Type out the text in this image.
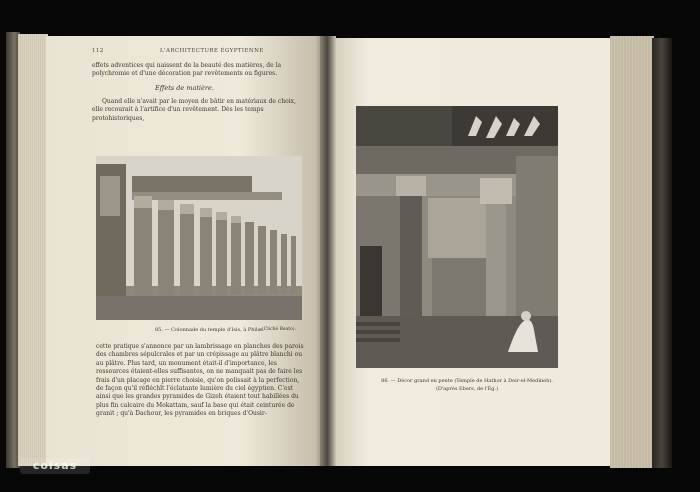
112	L'ARCHITECTURE ÉGYPTIENNE
effets adventices qui naissent de la beauté des matières, de la polychromie et d'une décoration par revêtements ou figures.
Effets de matière.
Quand elle n'avait par le moyen de bâtir en matériaux de choix, elle recourait à l'artifice d'un revêtement. Dès les temps protohistoriques,
85. — Colonnade du temple d'Isis, à Philæ.
(Cliché Beato).
cette pratique s'annonce par un lambrissage en planches des parois des chambres sépulcrales et par un crépissage au plâtre blanchi ou au plâtre. Plus tard, un monument était-il d'importance, les ressources étaient-elles suffisantes, on ne manquait pas de faire les frais d'un placage en pierre choisie, qu'on polissait à la perfection, de façon qu'il réfléchît l'éclatante lumière du ciel égyptien. C'est ainsi que les grandes pyramides de Gizeh étaient tout habillées du plus fin calcaire du Mokattam, sauf la base qui était ceinturée de granit ; qu'à Dachour, les pyramides en briques d'Ousir-
86. — Décor grand en pente (Temple de Hathor à Deir-el-Medineh).
(D'après Ebers, de l'Ég.)
coisas
